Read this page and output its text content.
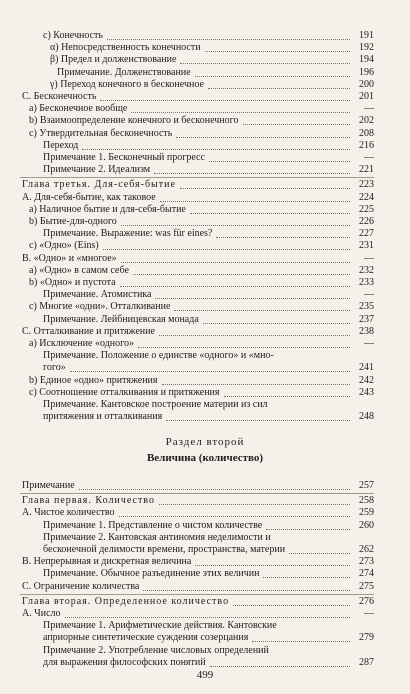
c) Конечность	191
α) Непосредственность конечности	192
β) Предел и долженствование	194
Примечание. Долженствование	196
γ) Переход конечного в бесконечное	200
С. Бесконечность	201
а) Бесконечное вообще	—
b) Взаимоопределение конечного и бесконечного	202
с) Утвердительная бесконечность	208
Переход	216
Примечание 1. Бесконечный прогресс	—
Примечание 2. Идеализм	221
Глава третья. Для-себя-бытие	223
А. Для-себя-бытие, как таковое	224
а) Наличное бытие и для-себя-бытие	225
b) Бытие-для-одного	226
Примечание. Выражение: was für eines?	227
с) «Одно» (Eins)	231
В. «Одно» и «многое»	—
а) «Одно» в самом себе	232
b) «Одно» и пустота	233
Примечание. Атомистика	—
с) Многие «одни». Отталкивание	235
Примечание. Лейбницевская монада	237
С. Отталкивание и притяжение	238
а) Исключение «одного»	—
Примечание. Положение о единстве «одного» и «мно-
гого»	241
b) Единое «одно» притяжения	242
с) Соотношение отталкивания и притяжения	243
Примечание. Кантовское построение материи из сил
притяжения и отталкивания	248
Раздел второй
Величина (количество)
Примечание	257
Глава первая. Количество	258
А. Чистое количество	259
Примечание 1. Представление о чистом количестве	260
Примечание 2. Кантовская антиномия неделимости и
бесконечной делимости времени, пространства, материи	262
В. Непрерывная и дискретная величина	273
Примечание. Обычное разъединение этих величин	274
С. Ограничение количества	275
Глава вторая. Определенное количество	276
А. Число	—
Примечание 1. Арифметические действия. Кантовские
априорные синтетические суждения созерцания	279
Примечание 2. Употребление числовых определений
для выражения философских понятий	287
499
